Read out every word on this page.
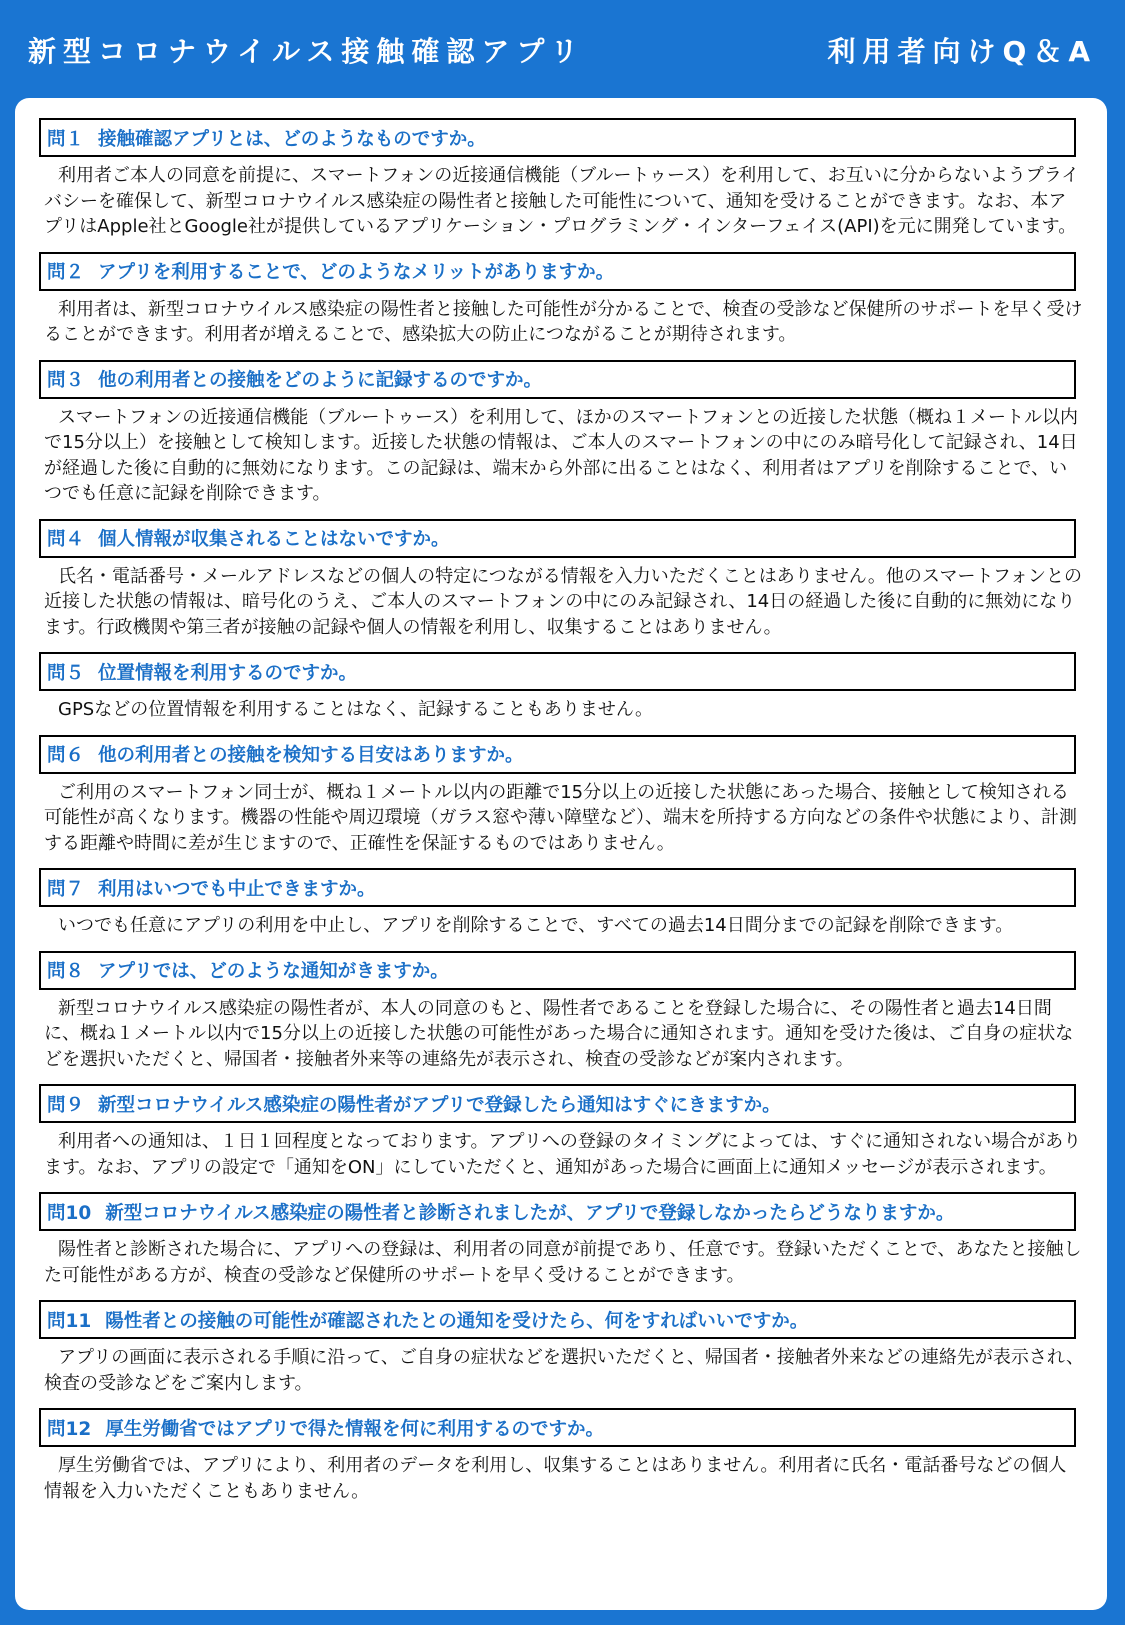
新型コロナウイルス接触確認アプリ	利用者向けQ＆A
問１ 接触確認アプリとは、どのようなものですか。

利用者ご本人の同意を前提に、スマートフォンの近接通信機能（ブルートゥース）を利用して、お互いに分からないようプライバシーを確保して、新型コロナウイルス感染症の陽性者と接触した可能性について、通知を受けることができます。なお、本アプリはApple社とGoogle社が提供しているアプリケーション・プログラミング・インターフェイス(API)を元に開発しています。

問２ アプリを利用することで、どのようなメリットがありますか。

利用者は、新型コロナウイルス感染症の陽性者と接触した可能性が分かることで、検査の受診など保健所のサポートを早く受けることができます。利用者が増えることで、感染拡大の防止につながることが期待されます。

問３ 他の利用者との接触をどのように記録するのですか。

スマートフォンの近接通信機能（ブルートゥース）を利用して、ほかのスマートフォンとの近接した状態（概ね１メートル以内で15分以上）を接触として検知します。近接した状態の情報は、ご本人のスマートフォンの中にのみ暗号化して記録され、14日が経過した後に自動的に無効になります。この記録は、端末から外部に出ることはなく、利用者はアプリを削除することで、いつでも任意に記録を削除できます。

問４ 個人情報が収集されることはないですか。

氏名・電話番号・メールアドレスなどの個人の特定につながる情報を入力いただくことはありません。他のスマートフォンとの近接した状態の情報は、暗号化のうえ、ご本人のスマートフォンの中にのみ記録され、14日の経過した後に自動的に無効になります。行政機関や第三者が接触の記録や個人の情報を利用し、収集することはありません。

問５ 位置情報を利用するのですか。

GPSなどの位置情報を利用することはなく、記録することもありません。

問６ 他の利用者との接触を検知する目安はありますか。

ご利用のスマートフォン同士が、概ね１メートル以内の距離で15分以上の近接した状態にあった場合、接触として検知される可能性が高くなります。機器の性能や周辺環境（ガラス窓や薄い障壁など）、端末を所持する方向などの条件や状態により、計測する距離や時間に差が生じますので、正確性を保証するものではありません。

問７ 利用はいつでも中止できますか。

いつでも任意にアプリの利用を中止し、アプリを削除することで、すべての過去14日間分までの記録を削除できます。

問８ アプリでは、どのような通知がきますか。

新型コロナウイルス感染症の陽性者が、本人の同意のもと、陽性者であることを登録した場合に、その陽性者と過去14日間に、概ね１メートル以内で15分以上の近接した状態の可能性があった場合に通知されます。通知を受けた後は、ご自身の症状などを選択いただくと、帰国者・接触者外来等の連絡先が表示され、検査の受診などが案内されます。

問９ 新型コロナウイルス感染症の陽性者がアプリで登録したら通知はすぐにきますか。

利用者への通知は、１日１回程度となっております。アプリへの登録のタイミングによっては、すぐに通知されない場合があります。なお、アプリの設定で「通知をON」にしていただくと、通知があった場合に画面上に通知メッセージが表示されます。

問10 新型コロナウイルス感染症の陽性者と診断されましたが、アプリで登録しなかったらどうなりますか。

陽性者と診断された場合に、アプリへの登録は、利用者の同意が前提であり、任意です。登録いただくことで、あなたと接触した可能性がある方が、検査の受診など保健所のサポートを早く受けることができます。

問11 陽性者との接触の可能性が確認されたとの通知を受けたら、何をすればいいですか。

アプリの画面に表示される手順に沿って、ご自身の症状などを選択いただくと、帰国者・接触者外来などの連絡先が表示され、検査の受診などをご案内します。

問12 厚生労働省ではアプリで得た情報を何に利用するのですか。

厚生労働省では、アプリにより、利用者のデータを利用し、収集することはありません。利用者に氏名・電話番号などの個人情報を入力いただくこともありません。
